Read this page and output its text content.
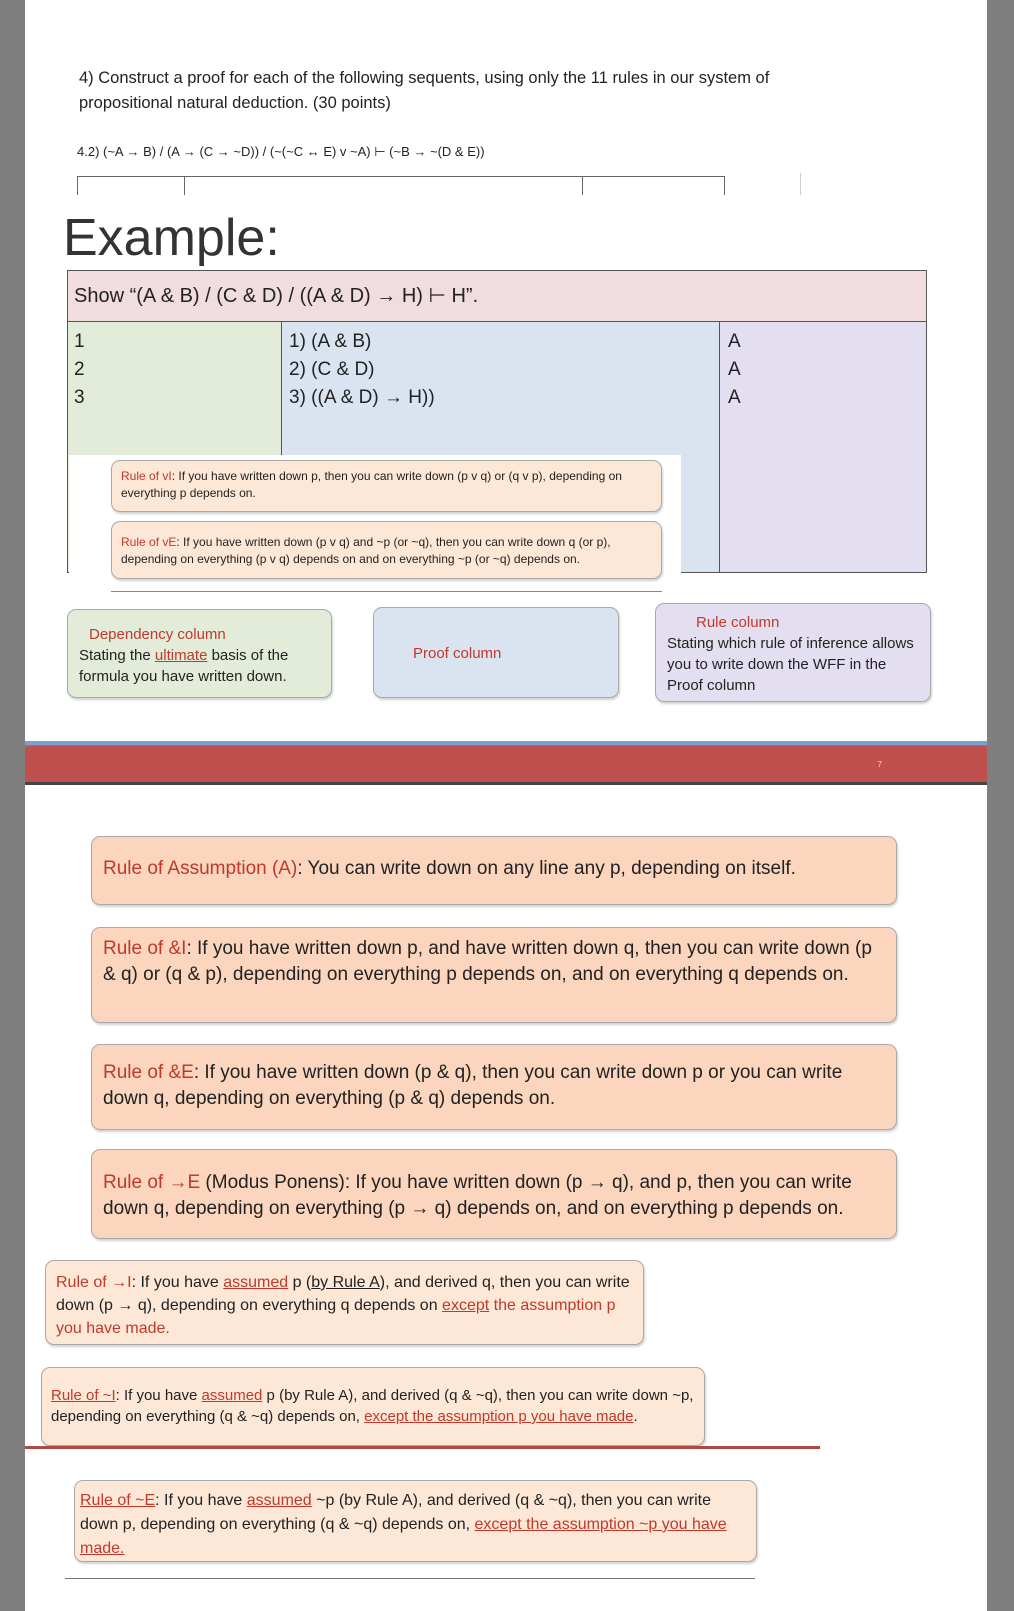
4) Construct a proof for each of the following sequents, using only the 11 rules in our system of propositional natural deduction. (30 points)
4.2) (~A → B) / (A → (C → ~D)) / (~(~C ↔ E) v ~A) ⊢ (~B → ~(D & E))
Example:
Show “(A & B) / (C & D) / ((A & D) → H) ⊢ H”.
1
2
3
1) (A & B)
2) (C & D)
3) ((A & D) → H))
A
A
A
Rule of vI: If you have written down p, then you can write down (p v q) or (q v p), depending on everything p depends on.
Rule of vE: If you have written down (p v q) and ~p (or ~q), then you can write down q (or p), depending on everything (p v q) depends on and on everything ~p (or ~q) depends on.
Dependency column
Stating the ultimate basis of the formula you have written down.
Proof column
Rule column
Stating which rule of inference allows you to write down the WFF in the Proof column
7
Rule of Assumption (A): You can write down on any line any p, depending on itself.
Rule of &I: If you have written down p, and have written down q, then you can write down (p & q) or (q & p), depending on everything p depends on, and on everything q depends on.
Rule of &E: If you have written down (p & q), then you can write down p or you can write down q, depending on everything (p & q) depends on.
Rule of →E (Modus Ponens): If you have written down (p → q), and p, then you can write down q, depending on everything (p → q) depends on, and on everything p depends on.
Rule of →I: If you have assumed p (by Rule A), and derived q, then you can write down (p → q), depending on everything q depends on except the assumption p you have made.
Rule of ~I: If you have assumed p (by Rule A), and derived (q & ~q), then you can write down ~p, depending on everything (q & ~q) depends on, except the assumption p you have made.
Rule of ~E: If you have assumed ~p (by Rule A), and derived (q & ~q), then you can write down p, depending on everything (q & ~q) depends on, except the assumption ~p you have made.
